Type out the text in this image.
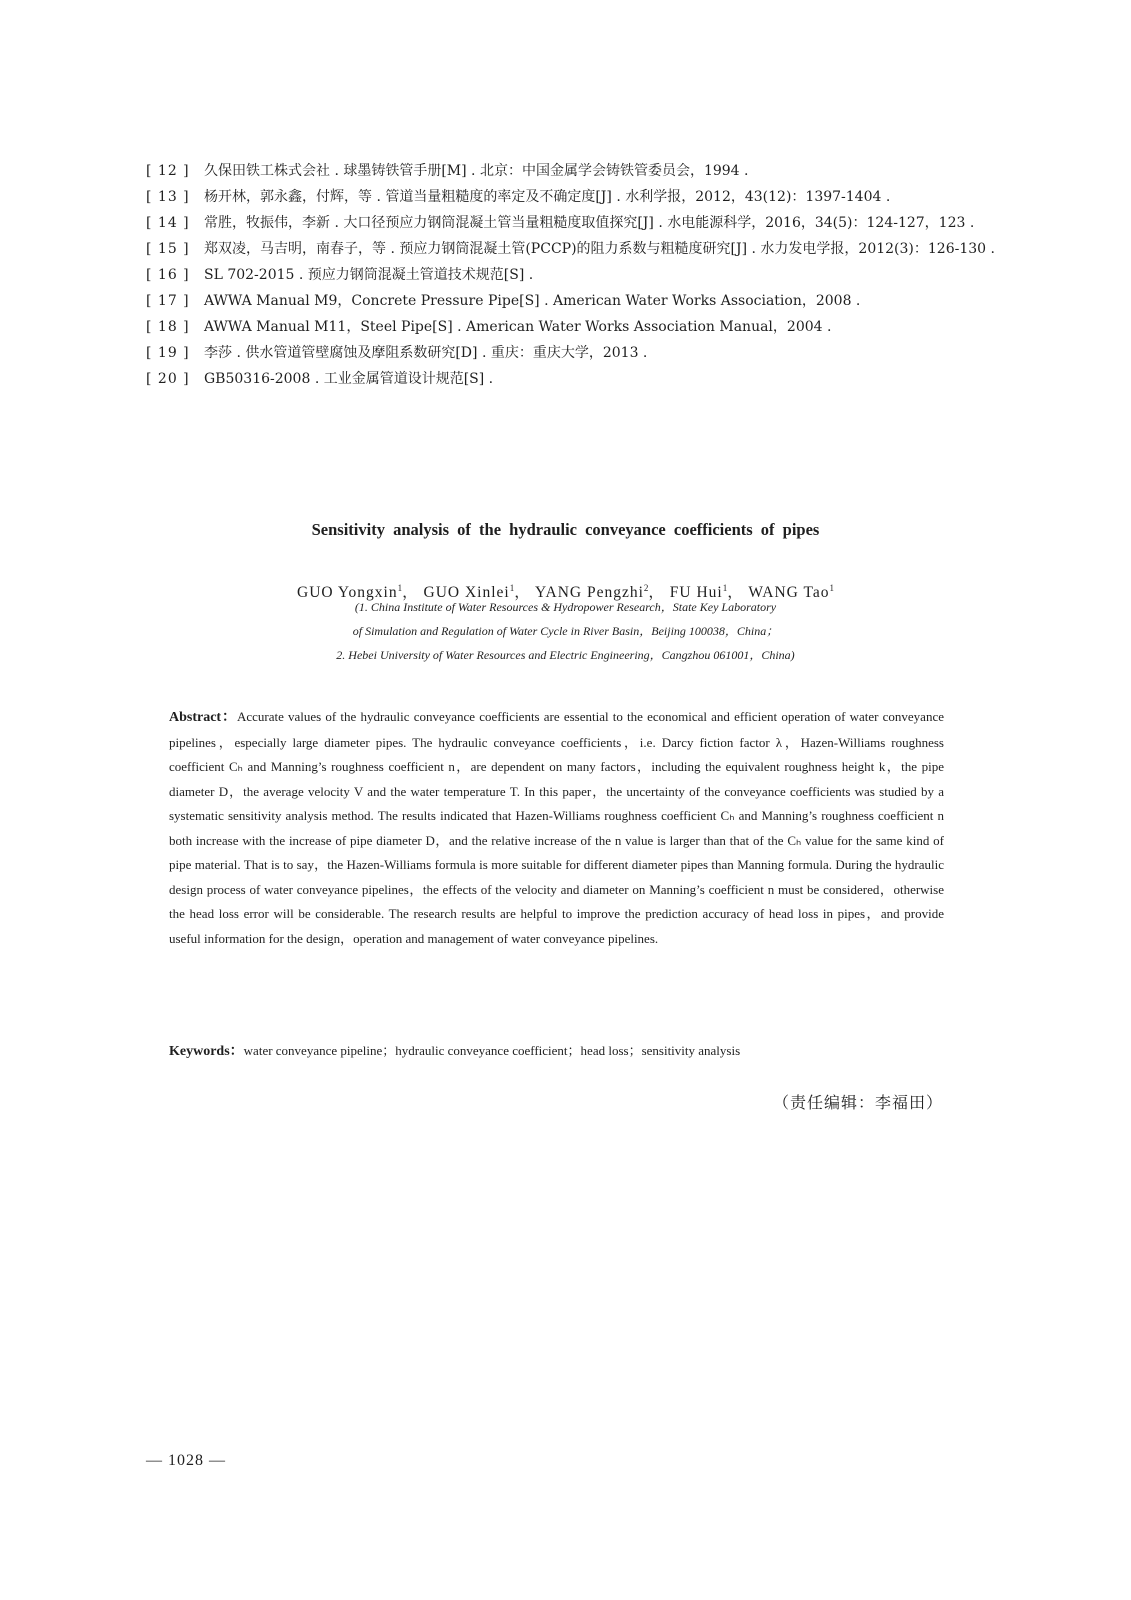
[ 12 ]	久保田铁工株式会社 . 球墨铸铁管手册[M] . 北京：中国金属学会铸铁管委员会，1994 .
[ 13 ]	杨开林，郭永鑫，付辉，等 . 管道当量粗糙度的率定及不确定度[J] . 水利学报，2012，43(12)：1397-1404 .
[ 14 ]	常胜，牧振伟，李新 . 大口径预应力钢筒混凝土管当量粗糙度取值探究[J] . 水电能源科学，2016，34(5)：124-127，123 .
[ 15 ]	郑双凌，马吉明，南春子，等 . 预应力钢筒混凝土管(PCCP)的阻力系数与粗糙度研究[J] . 水力发电学报，2012(3)：126-130 .
[ 16 ]	SL 702-2015 . 预应力钢筒混凝土管道技术规范[S] .
[ 17 ]	AWWA Manual M9，Concrete Pressure Pipe[S] . American Water Works Association，2008 .
[ 18 ]	AWWA Manual M11，Steel Pipe[S] . American Water Works Association Manual，2004 .
[ 19 ]	李莎 . 供水管道管壁腐蚀及摩阻系数研究[D] . 重庆：重庆大学，2013 .
[ 20 ]	GB50316-2008 . 工业金属管道设计规范[S] .
Sensitivity analysis of the hydraulic conveyance coefficients of pipes
GUO Yongxin$^1$， GUO Xinlei$^1$， YANG Pengzhi$^2$， FU Hui$^1$， WANG Tao$^1$
(1. China Institute of Water Resources & Hydropower Research，State Key Laboratory
of Simulation and Regulation of Water Cycle in River Basin，Beijing 100038，China；
2. Hebei University of Water Resources and Electric Engineering，Cangzhou 061001，China)
Abstract：Accurate values of the hydraulic conveyance coefficients are essential to the economical and efficient operation of water conveyance pipelines，especially large diameter pipes. The hydraulic conveyance coefficients，i.e. Darcy fiction factor λ，Hazen-Williams roughness coefficient Cₕ and Manning’s roughness coefficient n，are dependent on many factors，including the equivalent roughness height k，the pipe diameter D，the average velocity V and the water temperature T. In this paper，the uncertainty of the conveyance coefficients was studied by a systematic sensitivity analysis method. The results indicated that Hazen-Williams roughness coefficient Cₕ and Manning’s roughness coefficient n both increase with the increase of pipe diameter D，and the relative increase of the n value is larger than that of the Cₕ value for the same kind of pipe material. That is to say，the Hazen-Williams formula is more suitable for different diameter pipes than Manning formula. During the hydraulic design process of water conveyance pipelines，the effects of the velocity and diameter on Manning’s coefficient n must be considered，otherwise the head loss error will be considerable. The research results are helpful to improve the prediction accuracy of head loss in pipes，and provide useful information for the design，operation and management of water conveyance pipelines.
Keywords：water conveyance pipeline；hydraulic conveyance coefficient；head loss；sensitivity analysis
（责任编辑：李福田）
— 1028 —
